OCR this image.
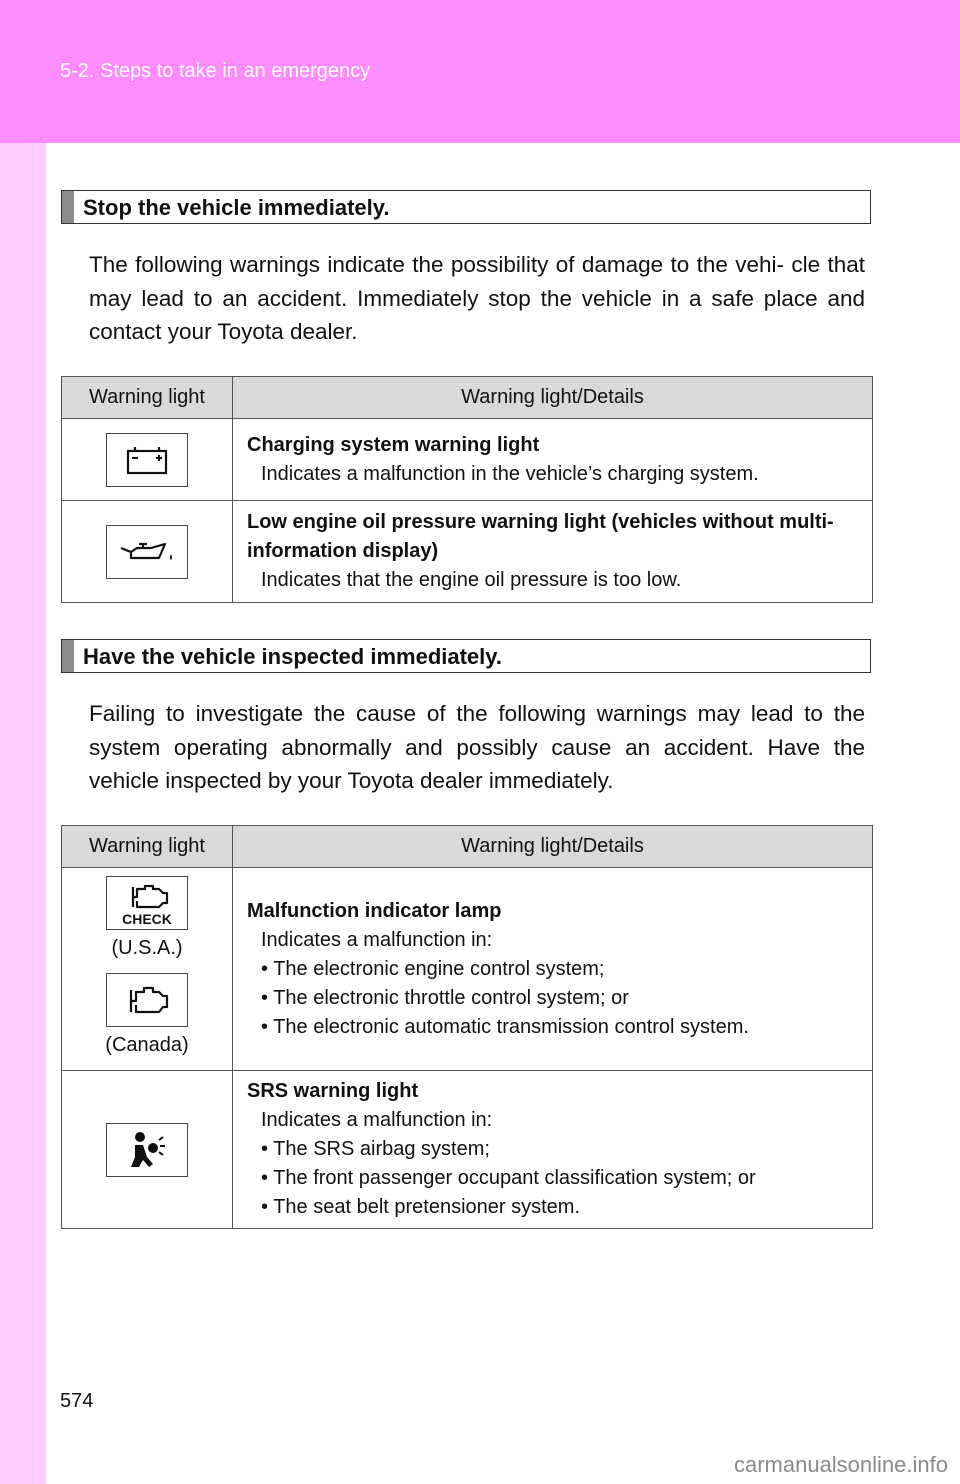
5-2. Steps to take in an emergency
Stop the vehicle immediately.

The following warnings indicate the possibility of damage to the vehi- cle that may lead to an accident. Immediately stop the vehicle in a safe place and contact your Toyota dealer.

Warning light	Warning light/Details

Charging system warning light
Indicates a malfunction in the vehicle’s charging system.

Low engine oil pressure warning light (vehicles without multi-information display)
Indicates that the engine oil pressure is too low.
Have the vehicle inspected immediately.

Failing to investigate the cause of the following warnings may lead to the system operating abnormally and possibly cause an accident. Have the vehicle inspected by your Toyota dealer immediately.

Warning light	Warning light/Details

CHECK
(U.S.A.)
(Canada)	Malfunction indicator lamp
Indicates a malfunction in:
• The electronic engine control system;
• The electronic throttle control system; or
• The electronic automatic transmission control system.

SRS warning light
Indicates a malfunction in:
• The SRS airbag system;
• The front passenger occupant classification system; or
• The seat belt pretensioner system.
574
carmanualsonline.info
